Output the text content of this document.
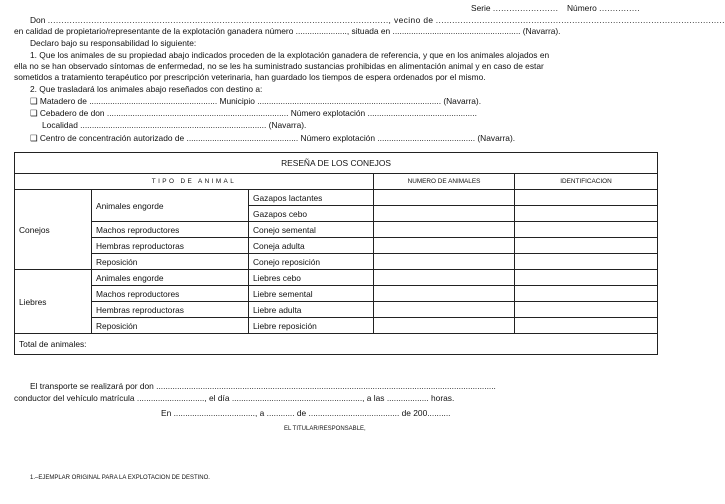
Serie ........................ Número ...............
Don ............................................................................................................................., vecino de ..........................................................................................................
en calidad de propietario/representante de la explotación ganadera número ......................, situada en ....................................................... (Navarra).
Declaro bajo su responsabilidad lo siguiente:
1. Que los animales de su propiedad abajo indicados proceden de la explotación ganadera de referencia, y que en los animales alojados en
ella no se han observado síntomas de enfermedad, no se les ha suministrado sustancias prohibidas en alimentación animal y en caso de estar
sometidos a tratamiento terapéutico por prescripción veterinaria, han guardado los tiempos de espera ordenados por el mismo.
2. Que trasladará los animales abajo reseñados con destino a:
❑ Matadero de ....................................................... Municipio ............................................................................... (Navarra).
❑ Cebadero de don .............................................................................. Número explotación ...............................................
Localidad ................................................................................ (Navarra).
❑ Centro de concentración autorizado de ................................................ Número explotación .......................................... (Navarra).
RESEÑA DE LOS CONEJOS				
TIPO DE ANIMAL			NUMERO DE ANIMALES	IDENTIFICACION
Conejos	Animales engorde	Gazapos lactantes		
		Gazapos cebo		
	Machos reproductores	Conejo semental		
	Hembras reproductoras	Coneja adulta		
	Reposición	Conejo reposición		
Liebres	Animales engorde	Liebres cebo		
	Machos reproductores	Liebre semental		
	Hembras reproductoras	Liebre adulta		
	Reposición	Liebre reposición		
Total de animales:				
El transporte se realizará por don ..................................................................................................................................................
conductor del vehículo matrícula ............................., el día ........................................................, a las .................. horas.
En ..................................., a ............ de ....................................... de 200..........
EL TITULAR/RESPONSABLE,
1.–EJEMPLAR ORIGINAL PARA LA EXPLOTACION DE DESTINO.
